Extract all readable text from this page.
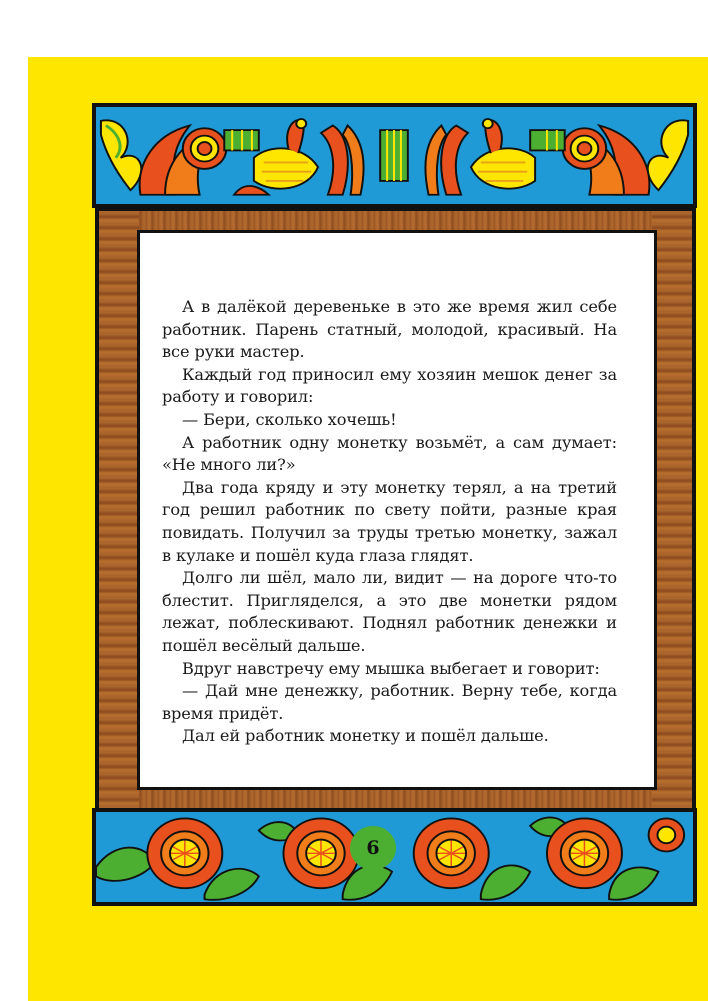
А в далёкой деревеньке в это же время жил себе работник. Парень статный, молодой, красивый. На все руки мастер.

Каждый год приносил ему хозяин мешок денег за работу и говорил:

— Бери, сколько хочешь!

А работник одну монетку возьмёт, а сам думает: «Не много ли?»

Два года кряду и эту монетку терял, а на третий год решил работник по свету пойти, разные края повидать. Получил за труды третью монетку, зажал в кулаке и пошёл куда глаза глядят.

Долго ли шёл, мало ли, видит — на дороге что-то блестит. Пригляделся, а это две монетки рядом лежат, поблескивают. Поднял работник денежки и пошёл весёлый дальше.

Вдруг навстречу ему мышка выбегает и говорит:

— Дай мне денежку, работник. Верну тебе, когда время придёт.

Дал ей работник монетку и пошёл дальше.

6
